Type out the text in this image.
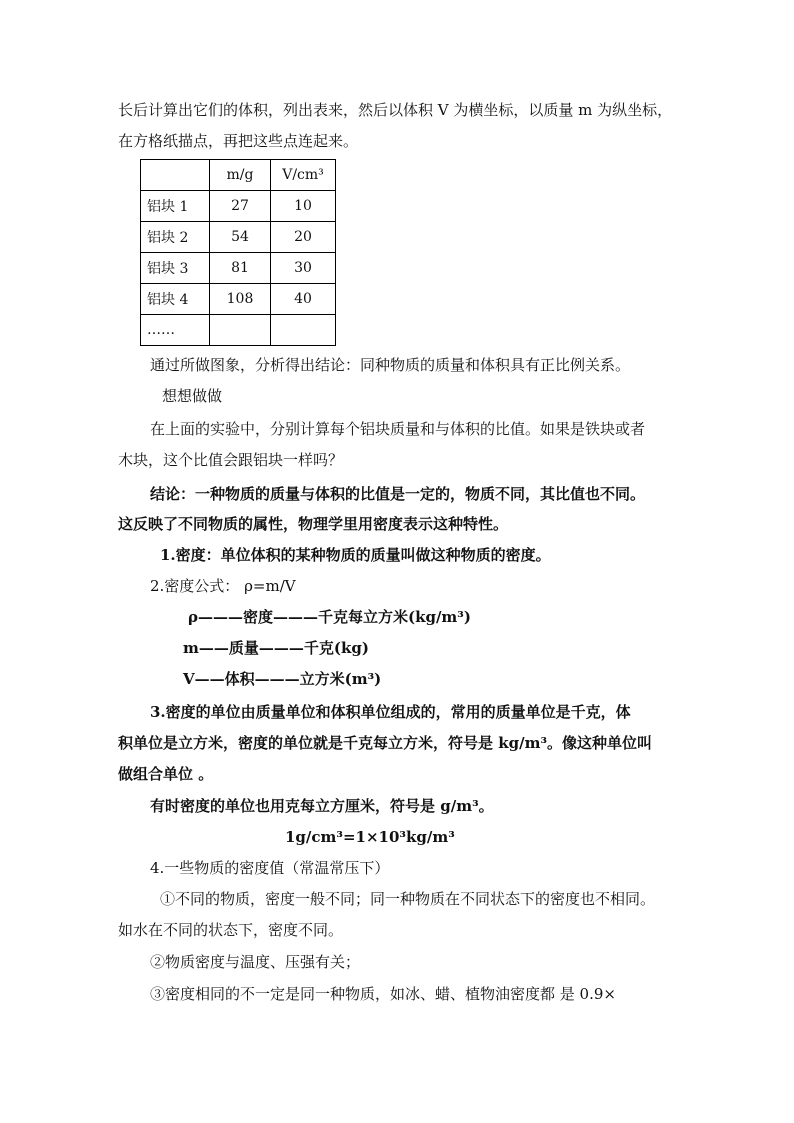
长后计算出它们的体积，列出表来，然后以体积 V 为横坐标，以质量 m 为纵坐标，
在方格纸描点，再把这些点连起来。
	m/g	V/cm³
铝块 1	27	10
铝块 2	54	20
铝块 3	81	30
铝块 4	108	40
……		
通过所做图象，分析得出结论：同种物质的质量和体积具有正比例关系。
想想做做
在上面的实验中，分别计算每个铝块质量和与体积的比值。如果是铁块或者
木块，这个比值会跟铝块一样吗？
结论：一种物质的质量与体积的比值是一定的，物质不同，其比值也不同。
这反映了不同物质的属性，物理学里用密度表示这种特性。
1.密度：单位体积的某种物质的质量叫做这种物质的密度。
2.密度公式： ρ=m/V
ρ———密度———千克每立方米(kg/m³)
m——质量———千克(kg)
V——体积———立方米(m³)
3.密度的单位由质量单位和体积单位组成的，常用的质量单位是千克，体
积单位是立方米，密度的单位就是千克每立方米，符号是 kg/m³。像这种单位叫
做组合单位 。
有时密度的单位也用克每立方厘米，符号是 g/m³。
1g/cm³=1×10³kg/m³
4.一些物质的密度值（常温常压下）
①不同的物质，密度一般不同；同一种物质在不同状态下的密度也不相同。
如水在不同的状态下，密度不同。
②物质密度与温度、压强有关；
③密度相同的不一定是同一种物质，如冰、蜡、植物油密度都 是 0.9×
